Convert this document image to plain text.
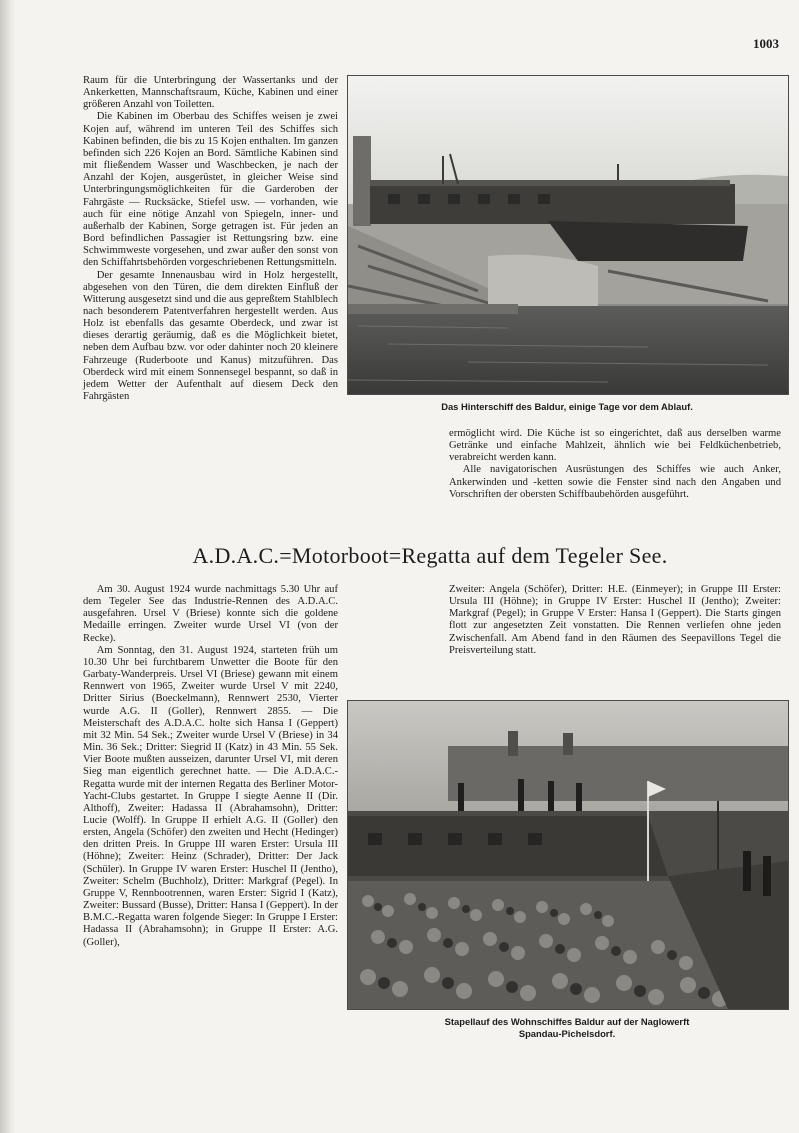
1003

Raum für die Unterbringung der Wassertanks und der Ankerketten, Mannschaftsraum, Küche, Kabinen und einer größeren Anzahl von Toiletten.

Die Kabinen im Oberbau des Schiffes weisen je zwei Kojen auf, während im unteren Teil des Schiffes sich Kabinen befinden, die bis zu 15 Kojen enthalten. Im ganzen befinden sich 226 Kojen an Bord. Sämtliche Kabinen sind mit fließendem Wasser und Waschbecken, je nach der Anzahl der Kojen, ausgerüstet, in gleicher Weise sind Unterbringungsmöglichkeiten für die Garderoben der Fahrgäste — Rucksäcke, Stiefel usw. — vorhanden, wie auch für eine nötige Anzahl von Spiegeln, inner- und außerhalb der Kabinen, Sorge getragen ist. Für jeden an Bord befindlichen Passagier ist Rettungsring bzw. eine Schwimmweste vorgesehen, und zwar außer den sonst von den Schiffahrtsbehörden vorgeschriebenen Rettungsmitteln.

Der gesamte Innenausbau wird in Holz hergestellt, abgesehen von den Türen, die dem direkten Einfluß der Witterung ausgesetzt sind und die aus gepreßtem Stahlblech nach besonderem Patentverfahren hergestellt werden. Aus Holz ist ebenfalls das gesamte Oberdeck, und zwar ist dieses derartig geräumig, daß es die Möglichkeit bietet, neben dem Aufbau bzw. vor oder dahinter noch 20 kleinere Fahrzeuge (Ruderboote und Kanus) mitzuführen. Das Oberdeck wird mit einem Sonnensegel bespannt, so daß in jedem Wetter der Aufenthalt auf diesem Deck den Fahrgästen

Das Hinterschiff des Baldur, einige Tage vor dem Ablauf.

ermöglicht wird. Die Küche ist so eingerichtet, daß aus derselben warme Getränke und einfache Mahlzeit, ähnlich wie bei Feldküchenbetrieb, verabreicht werden kann.

Alle navigatorischen Ausrüstungen des Schiffes wie auch Anker, Ankerwinden und -ketten sowie die Fenster sind nach den Angaben und Vorschriften der obersten Schiffbaubehörden ausgeführt.

A.D.A.C.=Motorboot=Regatta auf dem Tegeler See.

Am 30. August 1924 wurde nachmittags 5.30 Uhr auf dem Tegeler See das Industrie-Rennen des A.D.A.C. ausgefahren. Ursel V (Briese) konnte sich die goldene Medaille erringen. Zweiter wurde Ursel VI (von der Recke).

Am Sonntag, den 31. August 1924, starteten früh um 10.30 Uhr bei furchtbarem Unwetter die Boote für den Garbaty-Wanderpreis. Ursel VI (Briese) gewann mit einem Rennwert von 1965, Zweiter wurde Ursel V mit 2240, Dritter Sirius (Boeckelmann), Rennwert 2530, Vierter wurde A.G. II (Goller), Rennwert 2855. — Die Meisterschaft des A.D.A.C. holte sich Hansa I (Geppert) mit 32 Min. 54 Sek.; Zweiter wurde Ursel V (Briese) in 34 Min. 36 Sek.; Dritter: Siegrid II (Katz) in 43 Min. 55 Sek. Vier Boote mußten ausseizen, darunter Ursel VI, mit deren Sieg man eigentlich gerechnet hatte. — Die A.D.A.C.-Regatta wurde mit der internen Regatta des Berliner Motor-Yacht-Clubs gestartet. In Gruppe I siegte Aenne II (Dir. Althoff), Zweiter: Hadassa II (Abrahamsohn), Dritter: Lucie (Wolff). In Gruppe II erhielt A.G. II (Goller) den ersten, Angela (Schöfer) den zweiten und Hecht (Hedinger) den dritten Preis. In Gruppe III waren Erster: Ursula III (Höhne); Zweiter: Heinz (Schrader), Dritter: Der Jack (Schüler). In Gruppe IV waren Erster: Huschel II (Jentho), Zweiter: Schelm (Buchholz), Dritter: Markgraf (Pegel). In Gruppe V, Rennbootrennen, waren Erster: Sigrid I (Katz), Zweiter: Bussard (Busse), Dritter: Hansa I (Geppert). In der B.M.C.-Regatta waren folgende Sieger: In Gruppe I Erster: Hadassa II (Abrahamsohn); in Gruppe II Erster: A.G. (Goller),

Zweiter: Angela (Schöfer), Dritter: H.E. (Einmeyer); in Gruppe III Erster: Ursula III (Höhne); in Gruppe IV Erster: Huschel II (Jentho); Zweiter: Markgraf (Pegel); in Gruppe V Erster: Hansa I (Geppert). Die Starts gingen flott zur angesetzten Zeit vonstatten. Die Rennen verliefen ohne jeden Zwischenfall. Am Abend fand in den Räumen des Seepavillons Tegel die Preisverteilung statt.

Stapellauf des Wohnschiffes Baldur auf der Naglowerft
Spandau-Pichelsdorf.
